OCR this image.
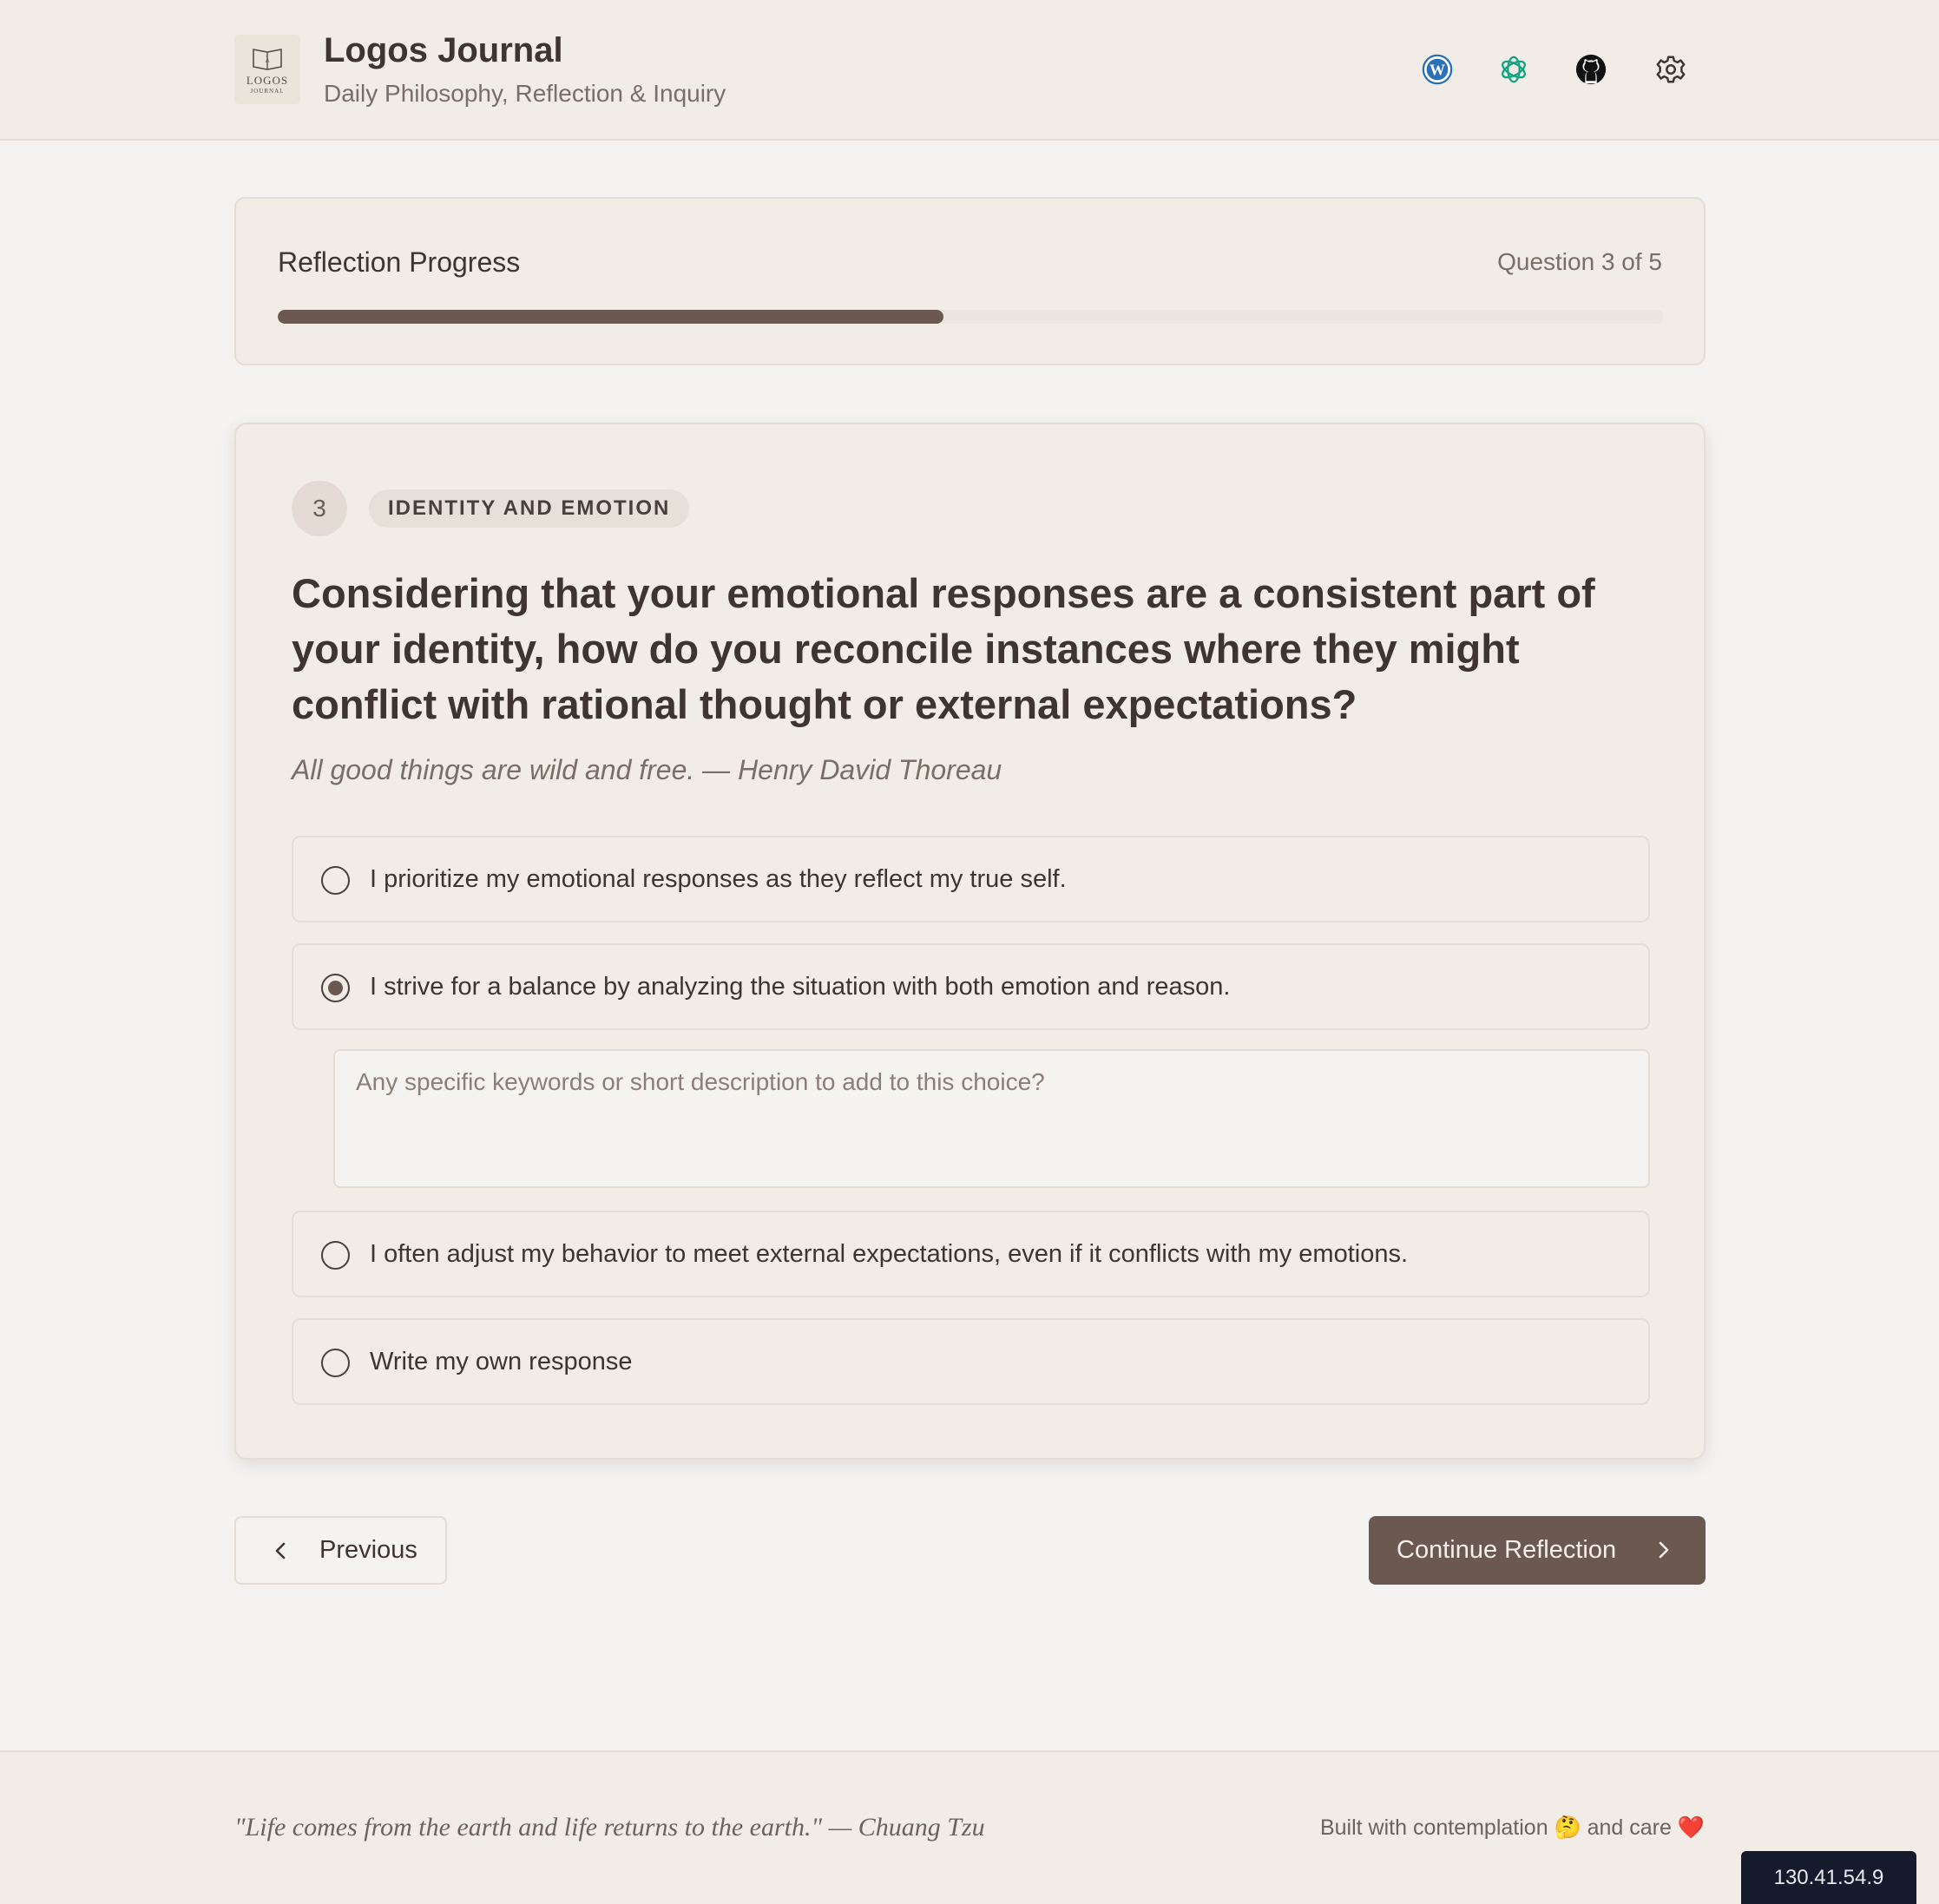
λ
LOGOS
JOURNAL
Logos Journal
Daily Philosophy, Reflection & Inquiry
W
Reflection Progress	Question 3 of 5
3	IDENTITY AND EMOTION
Considering that your emotional responses are a consistent part of your identity, how do you reconcile instances where they might conflict with rational thought or external expectations?
All good things are wild and free. — Henry David Thoreau
I prioritize my emotional responses as they reflect my true self.
I strive for a balance by analyzing the situation with both emotion and reason.
Any specific keywords or short description to add to this choice?
I often adjust my behavior to meet external expectations, even if it conflicts with my emotions.
Write my own response
Previous	Continue Reflection
"Life comes from the earth and life returns to the earth." — Chuang Tzu	Built with contemplation 🤔 and care ❤️
130.41.54.9
